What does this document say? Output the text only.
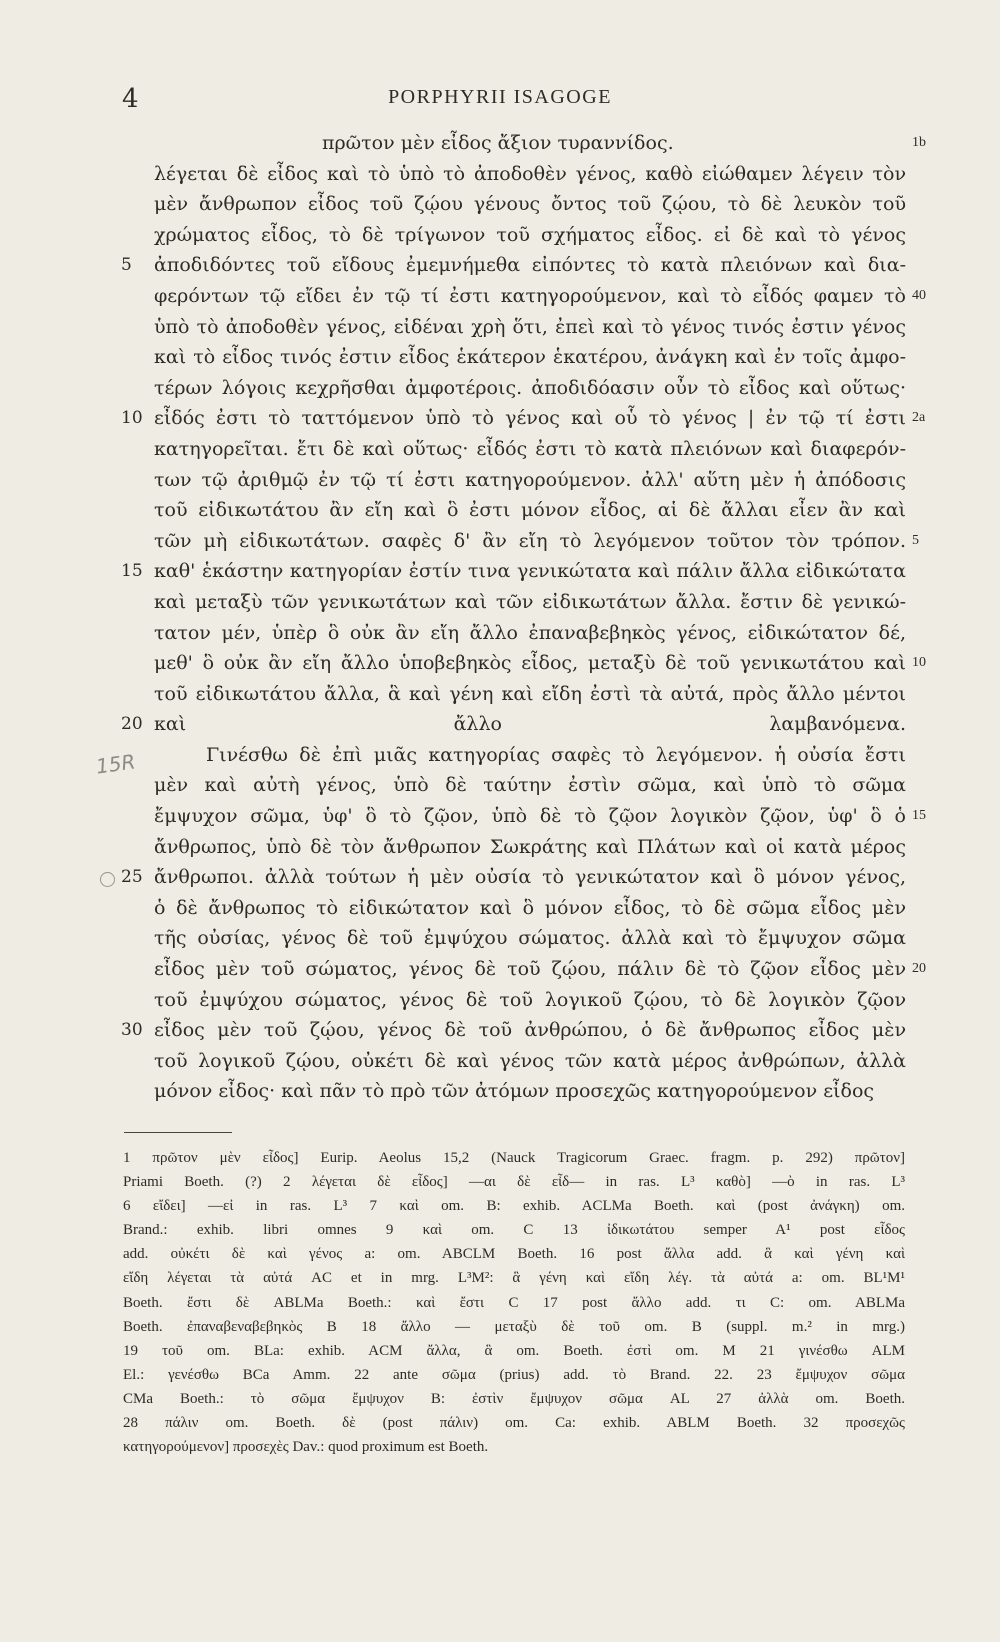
4	PORPHYRII ISAGOGE
πρῶτον μὲν εἶδος ἄξιον τυραννίδος.	1b
λέγεται δὲ εἶδος καὶ τὸ ὑπὸ τὸ ἀποδοθὲν γένος, καθὸ εἰώθαμεν λέγειν τὸν
μὲν ἄνθρωπον εἶδος τοῦ ζῴου γένους ὄντος τοῦ ζῴου, τὸ δὲ λευκὸν τοῦ
χρώματος εἶδος, τὸ δὲ τρίγωνον τοῦ σχήματος εἶδος. εἰ δὲ καὶ τὸ γένος
5	ἀποδιδόντες τοῦ εἴδους ἐμεμνήμεθα εἰπόντες τὸ κατὰ πλειόνων καὶ δια-
φερόντων τῷ εἴδει ἐν τῷ τί ἐστι κατηγορούμενον, καὶ τὸ εἶδός φαμεν τὸ 40
ὑπὸ τὸ ἀποδοθὲν γένος, εἰδέναι χρὴ ὅτι, ἐπεὶ καὶ τὸ γένος τινός ἐστιν γένος
καὶ τὸ εἶδος τινός ἐστιν εἶδος ἑκάτερον ἑκατέρου, ἀνάγκη καὶ ἐν τοῖς ἀμφο-
τέρων λόγοις κεχρῆσθαι ἀμφοτέροις. ἀποδιδόασιν οὖν τὸ εἶδος καὶ οὕτως·
10 εἶδός ἐστι τὸ ταττόμενον ὑπὸ τὸ γένος καὶ οὗ τὸ γένος | ἐν τῷ τί ἐστι 2a
κατηγορεῖται. ἔτι δὲ καὶ οὕτως· εἶδός ἐστι τὸ κατὰ πλειόνων καὶ διαφερόν-
των τῷ ἀριθμῷ ἐν τῷ τί ἐστι κατηγορούμενον. ἀλλ' αὕτη μὲν ἡ ἀπόδοσις
τοῦ εἰδικωτάτου ἂν εἴη καὶ ὃ ἐστι μόνον εἶδος, αἱ δὲ ἄλλαι εἶεν ἂν καὶ
τῶν μὴ εἰδικωτάτων. σαφὲς δ' ἂν εἴη τὸ λεγόμενον τοῦτον τὸν τρόπον. 5
15 καθ' ἑκάστην κατηγορίαν ἐστίν τινα γενικώτατα καὶ πάλιν ἄλλα εἰδικώτατα
καὶ μεταξὺ τῶν γενικωτάτων καὶ τῶν εἰδικωτάτων ἄλλα. ἔστιν δὲ γενικώ-
τατον μέν, ὑπὲρ ὃ οὐκ ἂν εἴη ἄλλο ἐπαναβεβηκὸς γένος, εἰδικώτατον δέ,
μεθ' ὃ οὐκ ἂν εἴη ἄλλο ὑποβεβηκὸς εἶδος, μεταξὺ δὲ τοῦ γενικωτάτου καὶ 10
τοῦ εἰδικωτάτου ἄλλα, ἃ καὶ γένη καὶ εἴδη ἐστὶ τὰ αὐτά, πρὸς ἄλλο μέντοι
20 καὶ ἄλλο λαμβανόμενα.
Γινέσθω δὲ ἐπὶ μιᾶς κατηγορίας σαφὲς τὸ λεγόμενον. ἡ οὐσία ἔστι
μὲν καὶ αὐτὴ γένος, ὑπὸ δὲ ταύτην ἐστὶν σῶμα, καὶ ὑπὸ τὸ σῶμα
ἔμψυχον σῶμα, ὑφ' ὃ τὸ ζῷον, ὑπὸ δὲ τὸ ζῷον λογικὸν ζῷον, ὑφ' ὃ ὁ 15
ἄνθρωπος, ὑπὸ δὲ τὸν ἄνθρωπον Σωκράτης καὶ Πλάτων καὶ οἱ κατὰ μέρος
25 ἄνθρωποι. ἀλλὰ τούτων ἡ μὲν οὐσία τὸ γενικώτατον καὶ ὃ μόνον γένος,
ὁ δὲ ἄνθρωπος τὸ εἰδικώτατον καὶ ὃ μόνον εἶδος, τὸ δὲ σῶμα εἶδος μὲν
τῆς οὐσίας, γένος δὲ τοῦ ἐμψύχου σώματος. ἀλλὰ καὶ τὸ ἔμψυχον σῶμα
εἶδος μὲν τοῦ σώματος, γένος δὲ τοῦ ζῴου, πάλιν δὲ τὸ ζῷον εἶδος μὲν 20
τοῦ ἐμψύχου σώματος, γένος δὲ τοῦ λογικοῦ ζῴου, τὸ δὲ λογικὸν ζῷον
30 εἶδος μὲν τοῦ ζῴου, γένος δὲ τοῦ ἀνθρώπου, ὁ δὲ ἄνθρωπος εἶδος μὲν
τοῦ λογικοῦ ζῴου, οὐκέτι δὲ καὶ γένος τῶν κατὰ μέρος ἀνθρώπων, ἀλλὰ
μόνον εἶδος· καὶ πᾶν τὸ πρὸ τῶν ἀτόμων προσεχῶς κατηγορούμενον εἶδος
15R
1 πρῶτον μὲν εἶδος] Eurip. Aeolus 15,2 (Nauck Tragicorum Graec. fragm. p. 292) πρῶτον]
Priami Boeth. (?) 2 λέγεται δὲ εἶδος] —αι δὲ εἶδ— in ras. L³ καθὸ] —ὸ in ras. L³
6 εἴδει] —εἰ in ras. L³ 7 καὶ om. B: exhib. ACLMa Boeth. καὶ (post ἀνάγκη) om.
Brand.: exhib. libri omnes 9 καὶ om. C 13 ἰδικωτάτου semper A¹ post εἶδος
add. οὐκέτι δὲ καὶ γένος a: om. ABCLM Boeth. 16 post ἄλλα add. ἃ καὶ γένη καὶ
εἴδη λέγεται τὰ αὐτά AC et in mrg. L³M²: ἃ γένη καὶ εἴδη λέγ. τὰ αὐτά a: om. BL¹M¹
Boeth. ἔστι δὲ ABLMa Boeth.: καὶ ἔστι C 17 post ἄλλο add. τι C: om. ABLMa
Boeth. ἐπαναβεναβεβηκὸς B 18 ἄλλο — μεταξὺ δὲ τοῦ om. B (suppl. m.² in mrg.)
19 τοῦ om. BLa: exhib. ACM ἄλλα, ἃ om. Boeth. ἐστὶ om. M 21 γινέσθω ALM
El.: γενέσθω BCa Amm. 22 ante σῶμα (prius) add. τὸ Brand. 22. 23 ἔμψυχον σῶμα
CMa Boeth.: τὸ σῶμα ἔμψυχον B: ἐστὶν ἔμψυχον σῶμα AL 27 ἀλλὰ om. Boeth.
28 πάλιν om. Boeth. δὲ (post πάλιν) om. Ca: exhib. ABLM Boeth. 32 προσεχῶς
κατηγορούμενον] προσεχὲς Dav.: quod proximum est Boeth.
